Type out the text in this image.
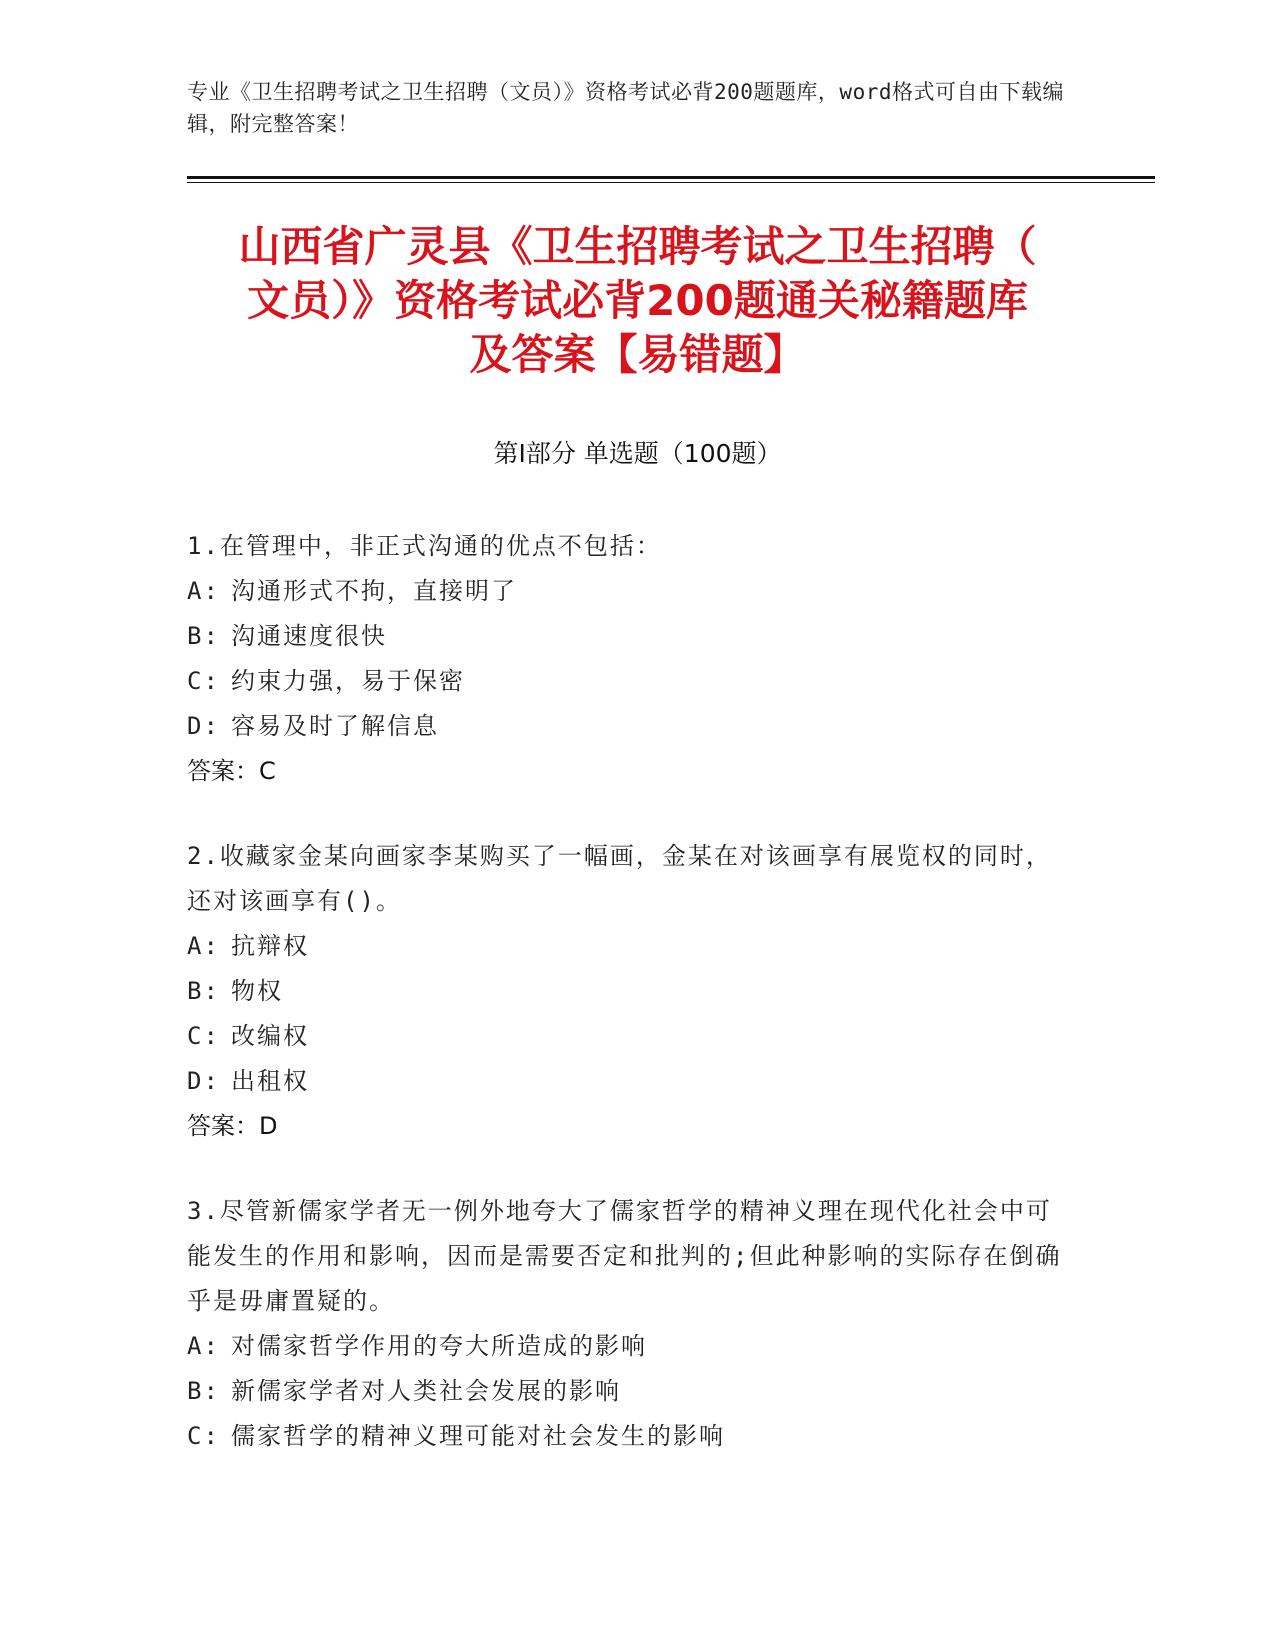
专业《卫生招聘考试之卫生招聘（文员）》资格考试必背200题题库，word格式可自由下载编辑，附完整答案！
山西省广灵县《卫生招聘考试之卫生招聘（
文员）》资格考试必背200题通关秘籍题库
及答案【易错题】
第Ⅰ部分 单选题（100题）

1.在管理中，非正式沟通的优点不包括：

A: 沟通形式不拘，直接明了

B: 沟通速度很快

C: 约束力强，易于保密

D: 容易及时了解信息

答案：C

2.收藏家金某向画家李某购买了一幅画，金某在对该画享有展览权的同时，还对该画享有()。

A: 抗辩权

B: 物权

C: 改编权

D: 出租权

答案：D

3.尽管新儒家学者无一例外地夸大了儒家哲学的精神义理在现代化社会中可能发生的作用和影响，因而是需要否定和批判的;但此种影响的实际存在倒确乎是毋庸置疑的。

A: 对儒家哲学作用的夸大所造成的影响

B: 新儒家学者对人类社会发展的影响

C: 儒家哲学的精神义理可能对社会发生的影响
